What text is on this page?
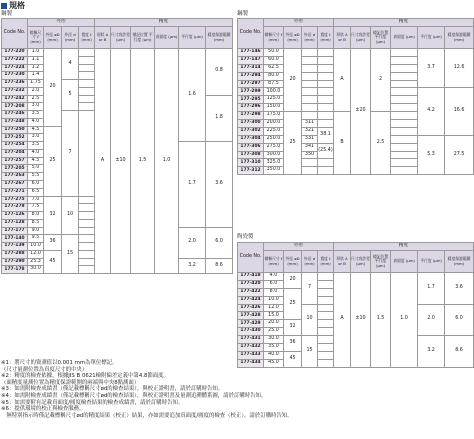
規格
鋼製	鋼製
陶瓷製
Code No.	外形				精度						
	標稱尺寸 ℓ (mm)	外徑 øD (mm)	外徑 d (mm)	寬度 t (mm)	形狀 A or B	尺寸容許差 (µm)	標記位置 平行度 (µm)	真面度 (µm)	平行度 (µm)	精度保證範圍 (mm)	
177-220	1.0	20	4		A	±10	1.5	1.0	1.6	0.8	
177-222	1.1										
177-224	1.2										
177-230	1.4										
177-236	1.75		5								
177-232	2.0										
177-242	2.5									1.8	
177-208	3.0										
177-246	3.5		7								
177-248	4.0										
177-250	4.5	25									
177-252	3.0										
177-254	3.5								1.7	3.6	
177-204	4.0										
177-257	4.5										
177-205	5.0										
177-263	5.5										
177-267	6.0										
177-271	6.5										
177-275	7.0	32	10								
177-279	7.5										
177-126	8.0										
177-128	8.5										
177-177	9.0								2.0	6.0	
177-140	9.5	36	15								
177-139	10.0										
177-288	12.0	45									
177-290	25.3								3.2	8.6	
177-178	30.0		
Code No.	外形				精度					
	標稱尺寸 ℓ (mm)	外徑 øD (mm)	外徑 d (mm)	寬度 t (mm)	形狀 A or B	尺寸容許差 (µm)	標記位置 平行度 (µm)	真面度 (µm)	平行度 (µm)	精度保證範圍 (mm)
177-146	50.0	20			A	±20	2		3.7	12.6
177-147	60.0									
177-314	62.5									
177-294	80.0									
177-297	87.5									
177-299	100.0								4.2	16.6
177-295	125.0									
177-296	150.0									
177-298	175.0	25			B		2.5			
177-300	200.0		311							
177-302	225.0		321	38.1						
177-304	250.0		331						5.3	27.5
177-306	275.0		341	(25.4)						
177-308	300.0		350							
177-310	325.0									
177-312	350.0									
Code No.	外形				精度					
	標稱尺寸 ℓ (mm)	外徑 øD (mm)	外徑 d (mm)	寬度 t (mm)	形狀 A or B	尺寸容許差 (µm)	標記位置 平行度 (µm)	真面度 (µm)	平行度 (µm)	精度保證範圍 (mm)
177-418	4.0	20	7		A	±10	1.5	1.0	1.7	3.6
177-420	6.0									
177-422	8.0	25								
177-424	10.0									
177-426	12.0		10						2.0	6.0
177-428	15.0									
177-429	20.0	32								
177-430	25.0									
177-431	30.0	36	15						3.2	8.6
177-432	35.0									
177-433	40.0	45								
177-434	45.0									
※1：將尺寸的資測值以0.001 mm為單位標記。
（尺寸量測位置為真度尺寸的中央）
※2：精度的檢查依據，根據JIS B 0621檢附偏差定義中第4.8節面度。
（面精度量測位置為精度保證範圍的兩端與中央8點測面）
※3：如需附檢查成績書（僅記載標稱尺寸ød的檢查結果），與校正證明書，請於訂購時告知。
※4：如需附檢查成績書（僅記載標稱尺寸ød的檢查結果），與校正證明書及量測追溯體系圖，請於訂購時告知。
※5：如需要附有記載真面度/圓度檢查結果的檢查成績書，請於訂購時告知。
※6：提供環境的校正與檢查服務。
　無特別指示時僅記載標稱尺寸ød的精度結果（校正）結果，亦如需要追加真面度/圓度的檢查（校正），請於訂購時告知。
